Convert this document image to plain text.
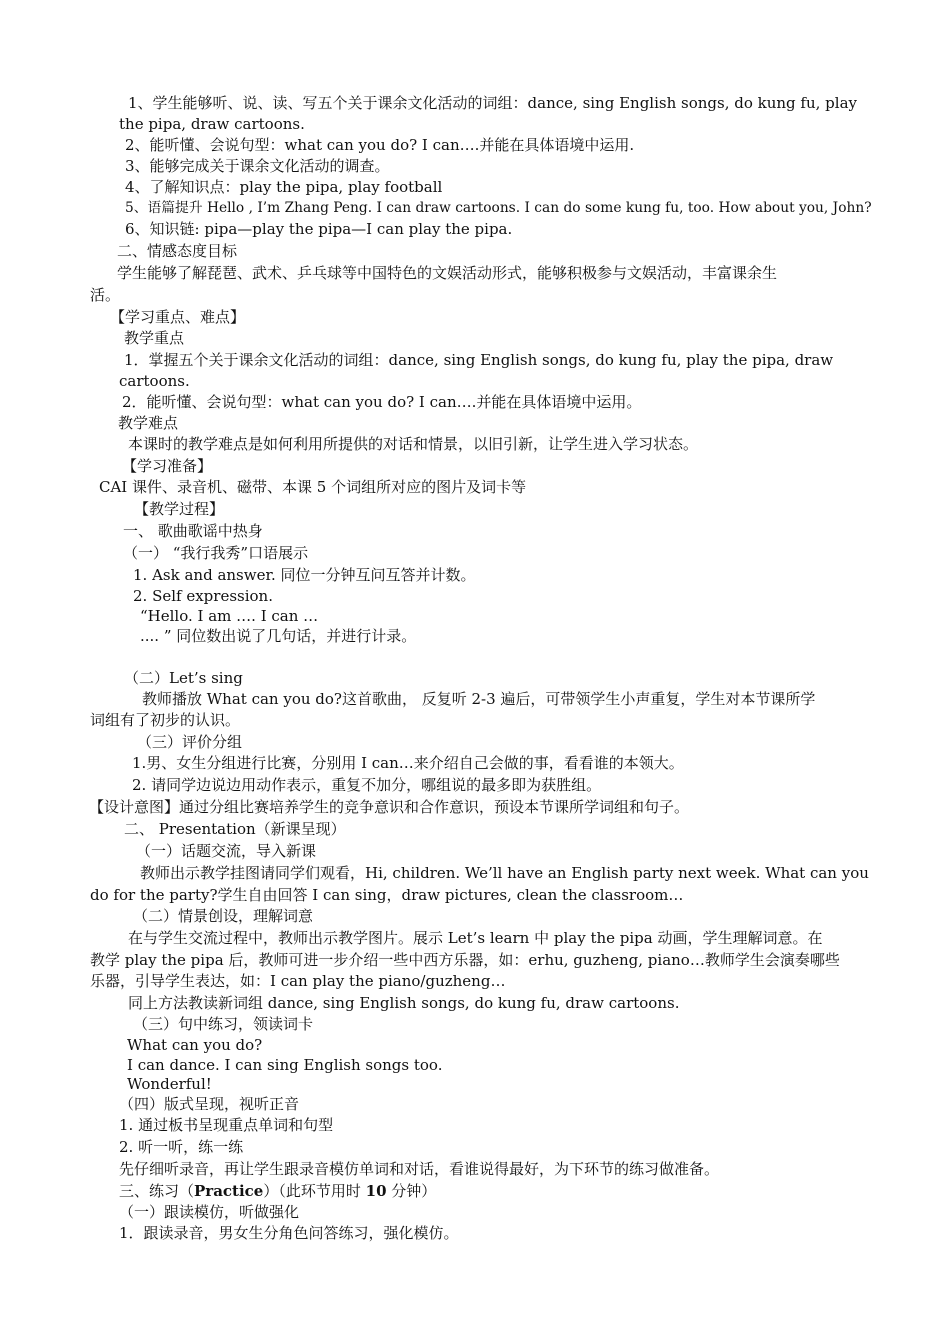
1、学生能够听、说、读、写五个关于课余文化活动的词组：dance, sing English songs, do kung fu, play

the pipa, draw cartoons.

2、能听懂、会说句型：what can you do? I can….并能在具体语境中运用.

3、能够完成关于课余文化活动的调查。

4、了解知识点：play the pipa, play football

5、语篇提升 Hello , I’m Zhang Peng. I can draw cartoons. I can do some kung fu, too. How about you, John?

6、知识链: pipa—play the pipa—I can play the pipa.

二、情感态度目标

学生能够了解琵琶、武术、乒乓球等中国特色的文娱活动形式，能够积极参与文娱活动，丰富课余生

活。

【学习重点、难点】

教学重点

1．掌握五个关于课余文化活动的词组：dance, sing English songs, do kung fu, play the pipa, draw

cartoons.

2．能听懂、会说句型：what can you do? I can….并能在具体语境中运用。

教学难点

本课时的教学难点是如何利用所提供的对话和情景，以旧引新，让学生进入学习状态。

【学习准备】

CAI 课件、录音机、磁带、本课 5 个词组所对应的图片及词卡等

【教学过程】

一、 歌曲歌谣中热身

（一） “我行我秀”口语展示

1. Ask and answer. 同位一分钟互问互答并计数。

2. Self expression.

“Hello. I am …. I can …

.... ” 同位数出说了几句话，并进行计录。

（二）Let’s sing

教师播放 What can you do?这首歌曲， 反复听 2-3 遍后，可带领学生小声重复，学生对本节课所学

词组有了初步的认识。

（三）评价分组

1.男、女生分组进行比赛，分别用 I can…来介绍自己会做的事，看看谁的本领大。

2. 请同学边说边用动作表示，重复不加分，哪组说的最多即为获胜组。

【设计意图】通过分组比赛培养学生的竞争意识和合作意识，预设本节课所学词组和句子。

二、 Presentation（新课呈现）

（一）话题交流，导入新课

教师出示教学挂图请同学们观看，Hi, children. We’ll have an English party next week. What can you

do for the party?学生自由回答 I can sing，draw pictures, clean the classroom…

（二）情景创设，理解词意

在与学生交流过程中，教师出示教学图片。展示 Let’s learn 中 play the pipa 动画，学生理解词意。在

教学 play the pipa 后，教师可进一步介绍一些中西方乐器，如：erhu, guzheng, piano…教师学生会演奏哪些

乐器，引导学生表达，如：I can play the piano/guzheng…

同上方法教读新词组 dance, sing English songs, do kung fu, draw cartoons.

（三）句中练习，领读词卡

What can you do?

I can dance. I can sing English songs too.

Wonderful!

（四）版式呈现，视听正音

1. 通过板书呈现重点单词和句型

2. 听一听，练一练

先仔细听录音，再让学生跟录音模仿单词和对话，看谁说得最好，为下环节的练习做准备。

三、练习（Practice）（此环节用时 10 分钟）

（一）跟读模仿，听做强化

1．跟读录音，男女生分角色问答练习，强化模仿。
